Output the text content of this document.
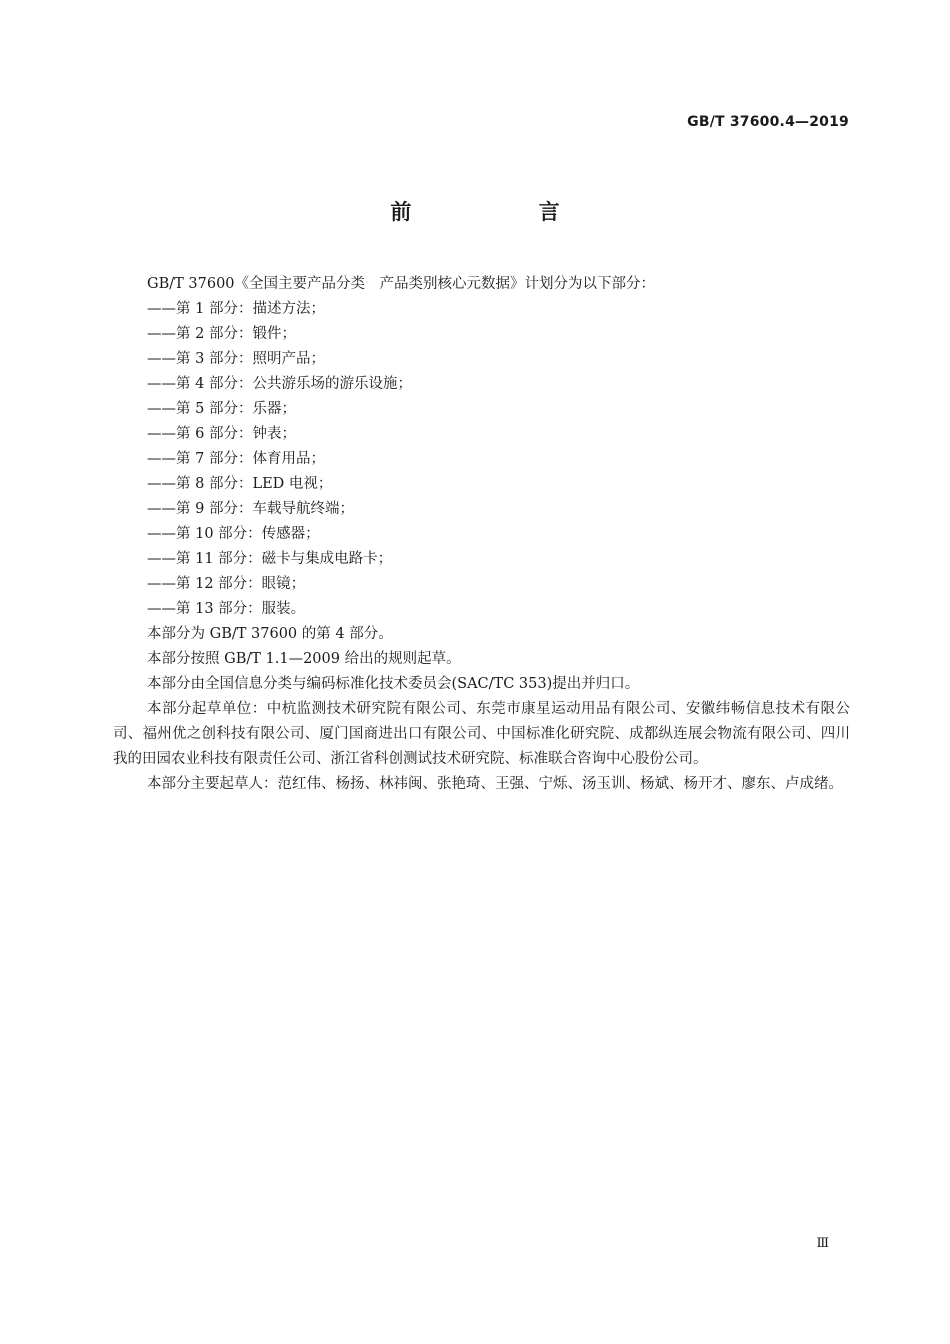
GB/T 37600.4—2019
前 言

GB/T 37600《全国主要产品分类　产品类别核心元数据》计划分为以下部分：

——第 1 部分：描述方法；

——第 2 部分：锻件；

——第 3 部分：照明产品；

——第 4 部分：公共游乐场的游乐设施；

——第 5 部分：乐器；

——第 6 部分：钟表；

——第 7 部分：体育用品；

——第 8 部分：LED 电视；

——第 9 部分：车载导航终端；

——第 10 部分：传感器；

——第 11 部分：磁卡与集成电路卡；

——第 12 部分：眼镜；

——第 13 部分：服装。

本部分为 GB/T 37600 的第 4 部分。

本部分按照 GB/T 1.1—2009 给出的规则起草。

本部分由全国信息分类与编码标准化技术委员会(SAC/TC 353)提出并归口。

本部分起草单位：中杭监测技术研究院有限公司、东莞市康星运动用品有限公司、安徽纬畅信息技术有限公司、福州优之创科技有限公司、厦门国商进出口有限公司、中国标准化研究院、成都纵连展会物流有限公司、四川我的田园农业科技有限责任公司、浙江省科创测试技术研究院、标准联合咨询中心股份公司。

本部分主要起草人：范红伟、杨扬、林祎闽、张艳琦、王强、宁烁、汤玉训、杨斌、杨开才、廖东、卢成绪。

Ⅲ
